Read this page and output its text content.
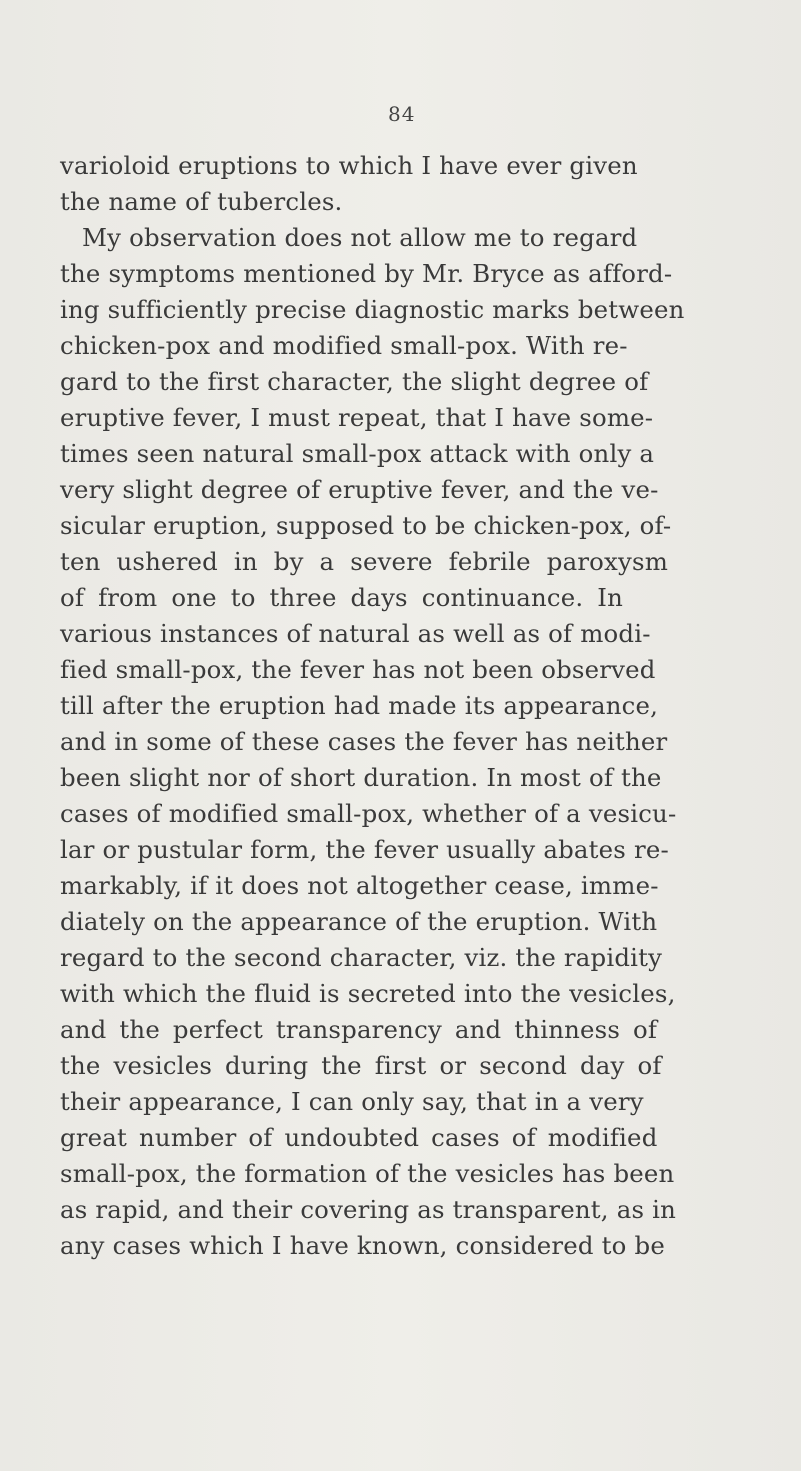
84
varioloid eruptions to which I have ever given
the name of tubercles.
My observation does not allow me to regard
the symptoms mentioned by Mr. Bryce as afford-
ing sufficiently precise diagnostic marks between
chicken-pox and modified small-pox. With re-
gard to the first character, the slight degree of
eruptive fever, I must repeat, that I have some-
times seen natural small-pox attack with only a
very slight degree of eruptive fever, and the ve-
sicular eruption, supposed to be chicken-pox, of-
ten ushered in by a severe febrile paroxysm
of from one to three days continuance. In
various instances of natural as well as of modi-
fied small-pox, the fever has not been observed
till after the eruption had made its appearance,
and in some of these cases the fever has neither
been slight nor of short duration. In most of the
cases of modified small-pox, whether of a vesicu-
lar or pustular form, the fever usually abates re-
markably, if it does not altogether cease, imme-
diately on the appearance of the eruption. With
regard to the second character, viz. the rapidity
with which the fluid is secreted into the vesicles,
and the perfect transparency and thinness of
the vesicles during the first or second day of
their appearance, I can only say, that in a very
great number of undoubted cases of modified
small-pox, the formation of the vesicles has been
as rapid, and their covering as transparent, as in
any cases which I have known, considered to be
